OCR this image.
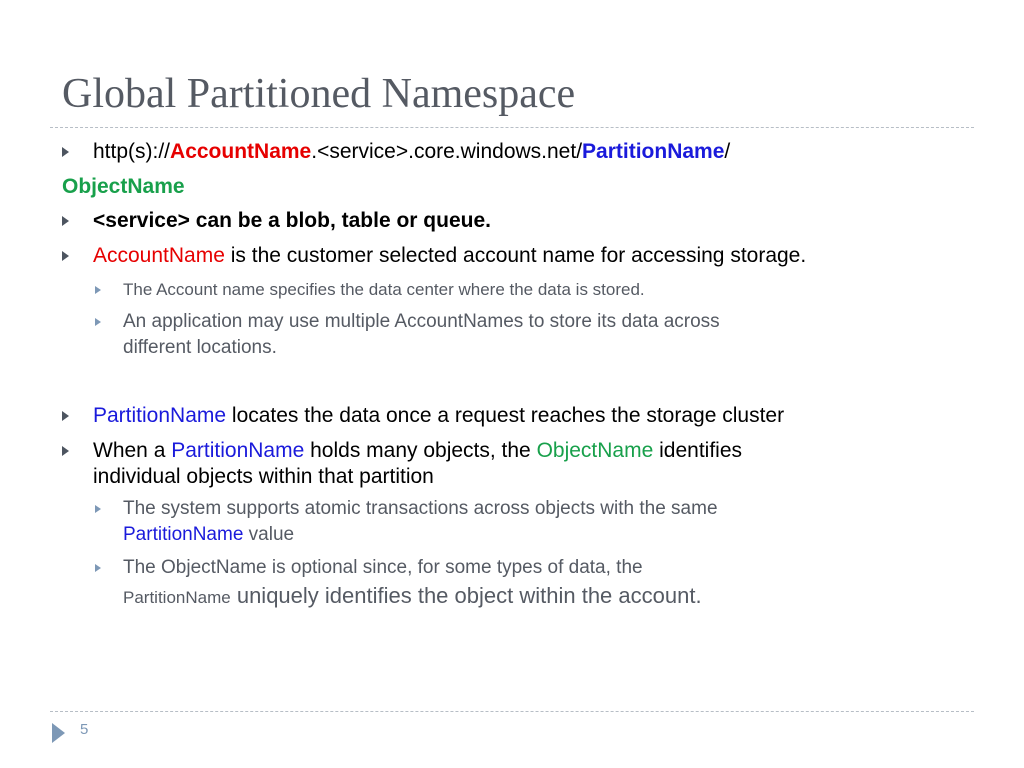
Global Partitioned Namespace
http(s)://AccountName.<service>.core.windows.net/PartitionName/
ObjectName
<service> can be a blob, table or queue.
AccountName is the customer selected account name for accessing storage.
The Account name specifies the data center where the data is stored.
An application may use multiple AccountNames to store its data across
different locations.
PartitionName locates the data once a request reaches the storage cluster
When a PartitionName holds many objects, the ObjectName identifies
individual objects within that partition
The system supports atomic transactions across objects with the same
PartitionName value
The ObjectName is optional since, for some types of data, the
PartitionName uniquely identifies the object within the account.
5
